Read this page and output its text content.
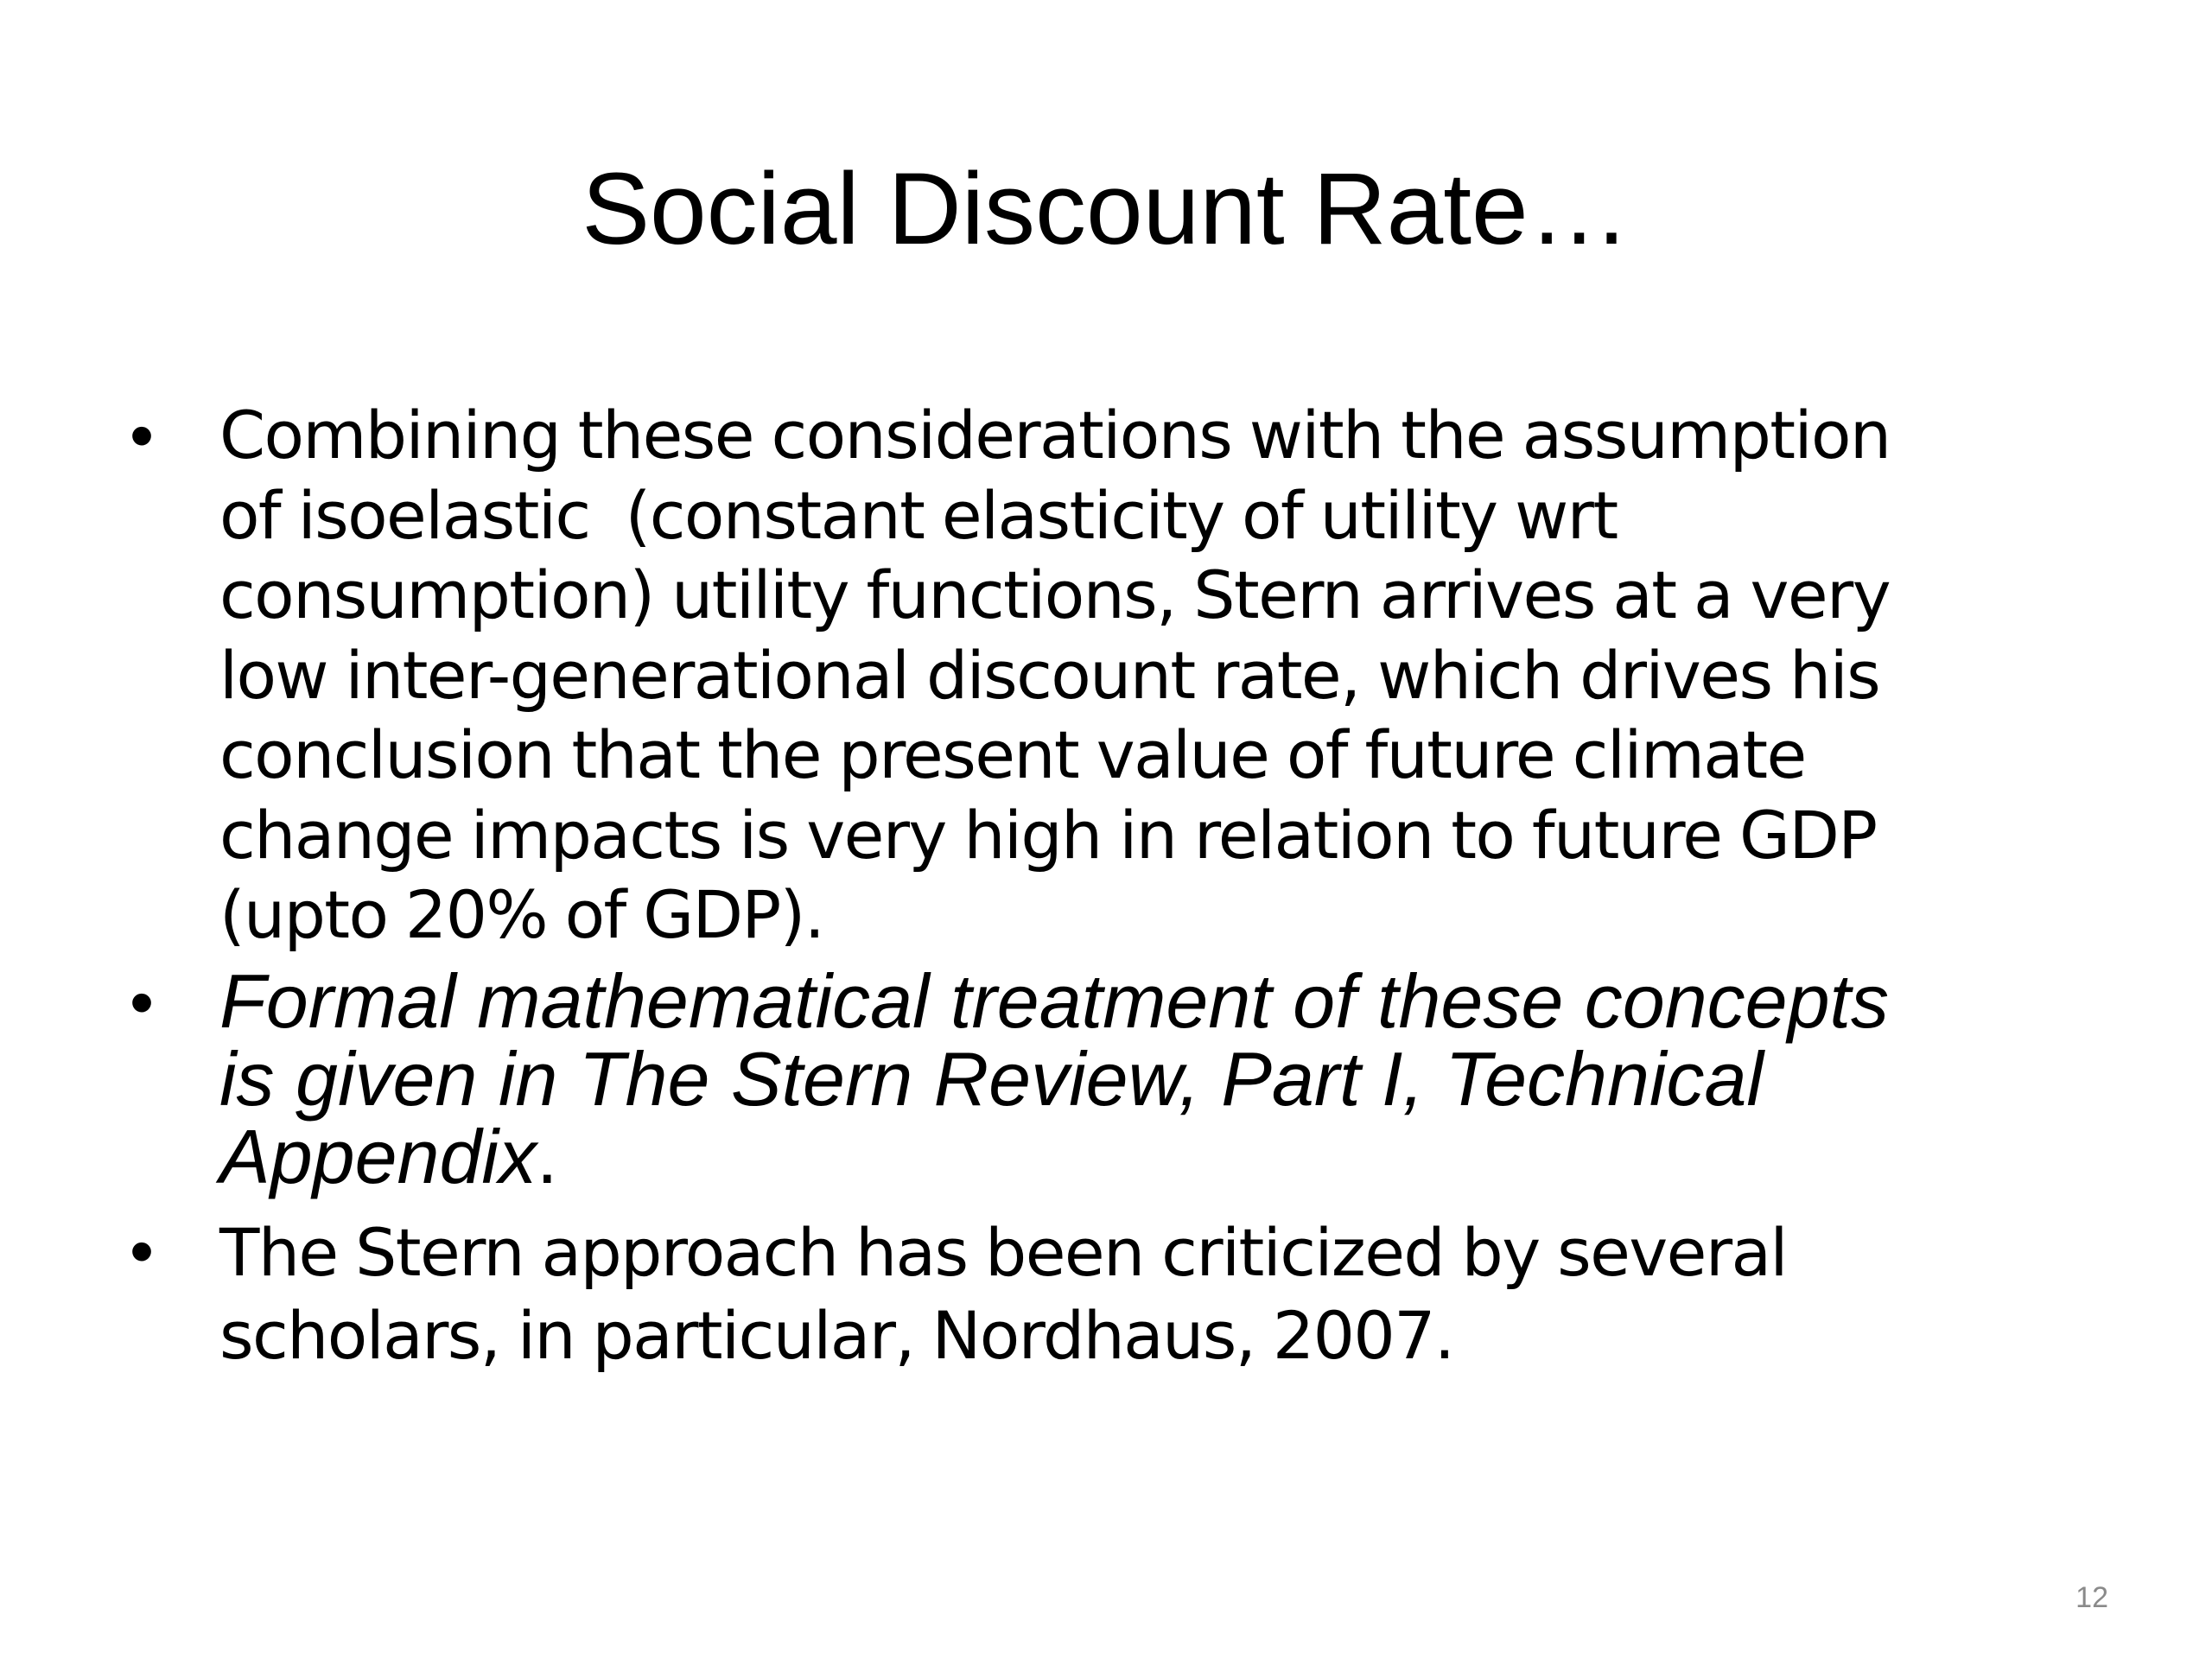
Social Discount Rate…
• Combining these considerations with the assumption
of isoelastic  (constant elasticity of utility wrt
consumption) utility functions, Stern arrives at a very
low inter-generational discount rate, which drives his
conclusion that the present value of future climate
change impacts is very high in relation to future GDP
(upto 20% of GDP).
• Formal mathematical treatment of these concepts
is given in The Stern Review, Part I, Technical
Appendix.
• The Stern approach has been criticized by several
scholars, in particular, Nordhaus, 2007.
12
